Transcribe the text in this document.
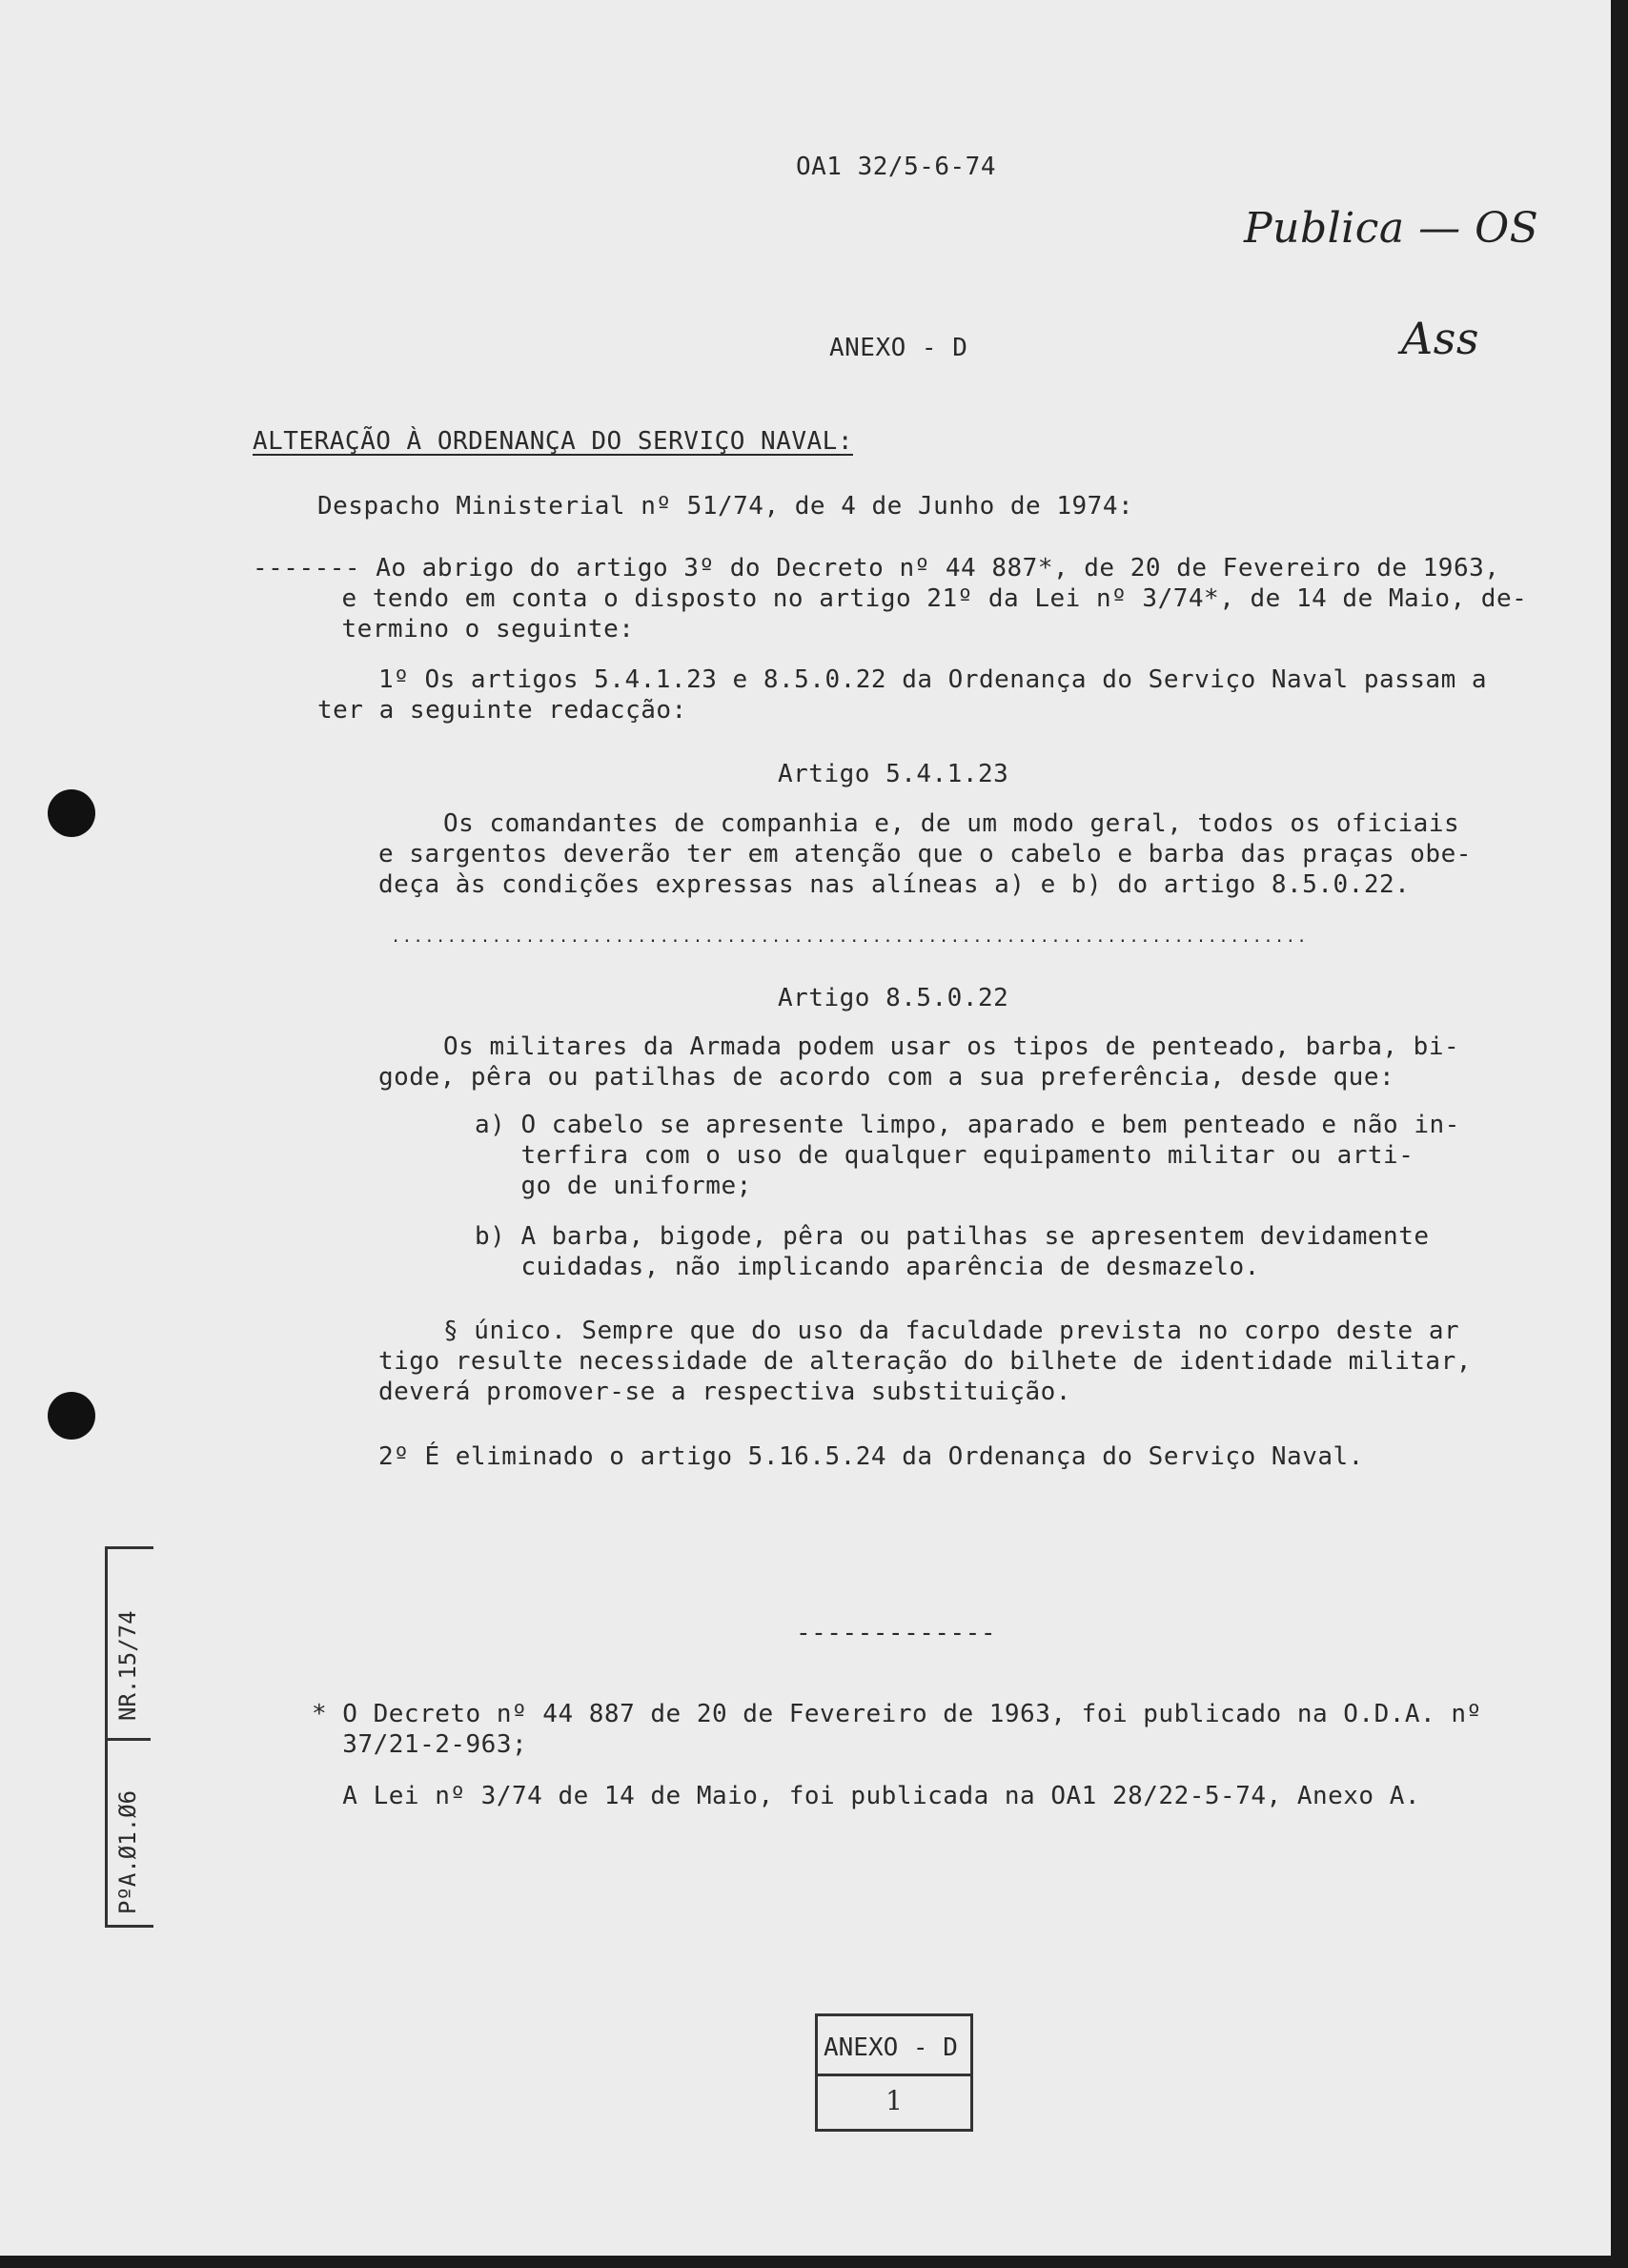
OA1 32/5-6-74
Publica — OS
Ass
ANEXO - D
ALTERAÇÃO À ORDENANÇA DO SERVIÇO NAVAL:
Despacho Ministerial nº 51/74, de 4 de Junho de 1974:
------- Ao abrigo do artigo 3º do Decreto nº 44 887*, de 20 de Fevereiro de 1963,
e tendo em conta o disposto no artigo 21º da Lei nº 3/74*, de 14 de Maio, de-
termino o seguinte:
1º Os artigos 5.4.1.23 e 8.5.0.22 da Ordenança do Serviço Naval passam a
ter a seguinte redacção:
Artigo 5.4.1.23
Os comandantes de companhia e, de um modo geral, todos os oficiais
e sargentos deverão ter em atenção que o cabelo e barba das praças obe-
deça às condições expressas nas alíneas a) e b) do artigo 8.5.0.22.
..................................................................................
Artigo 8.5.0.22
Os militares da Armada podem usar os tipos de penteado, barba, bi-
gode, pêra ou patilhas de acordo com a sua preferência, desde que:
a) O cabelo se apresente limpo, aparado e bem penteado e não in-
terfira com o uso de qualquer equipamento militar ou arti-
go de uniforme;
b) A barba, bigode, pêra ou patilhas se apresentem devidamente
cuidadas, não implicando aparência de desmazelo.
§ único. Sempre que do uso da faculdade prevista no corpo deste ar
tigo resulte necessidade de alteração do bilhete de identidade militar,
deverá promover-se a respectiva substituição.
2º É eliminado o artigo 5.16.5.24 da Ordenança do Serviço Naval.
-------------
* O Decreto nº 44 887 de 20 de Fevereiro de 1963, foi publicado na O.D.A. nº
37/21-2-963;
A Lei nº 3/74 de 14 de Maio, foi publicada na OA1 28/22-5-74, Anexo A.
NR.15/74
PºA.Ø1.Ø6
ANEXO - D
1
